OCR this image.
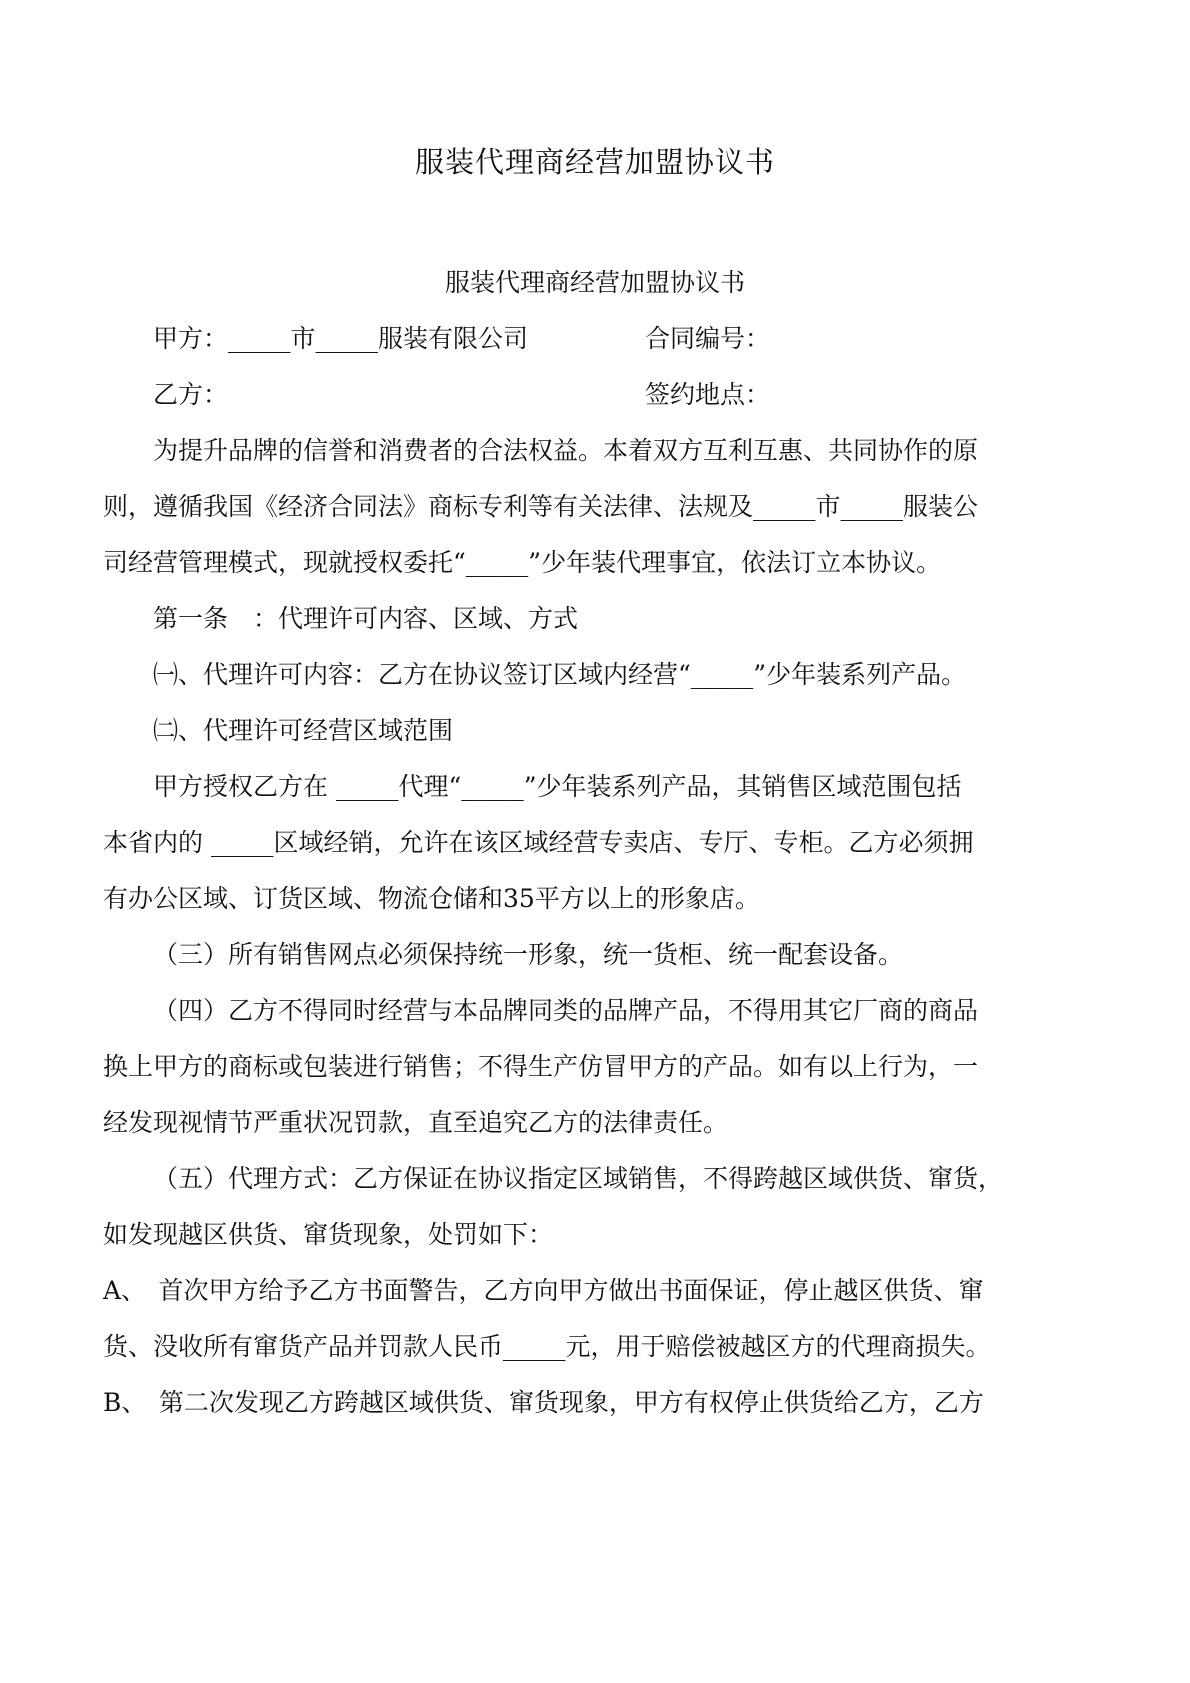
服装代理商经营加盟协议书
服装代理商经营加盟协议书
甲方：_____市_____服装有限公司	合同编号：
乙方：	签约地点：
为提升品牌的信誉和消费者的合法权益。本着双方互利互惠、共同协作的原
则，遵循我国《经济合同法》商标专利等有关法律、法规及_____市_____服装公
司经营管理模式，现就授权委托“_____”少年装代理事宜，依法订立本协议。
第一条　：代理许可内容、区域、方式
㈠、代理许可内容：乙方在协议签订区域内经营“_____”少年装系列产品。
㈡、代理许可经营区域范围
甲方授权乙方在 _____代理“_____”少年装系列产品，其销售区域范围包括
本省内的 _____区域经销，允许在该区域经营专卖店、专厅、专柜。乙方必须拥
有办公区域、订货区域、物流仓储和35平方以上的形象店。
（三）所有销售网点必须保持统一形象，统一货柜、统一配套设备。
（四）乙方不得同时经营与本品牌同类的品牌产品，不得用其它厂商的商品
换上甲方的商标或包装进行销售；不得生产仿冒甲方的产品。如有以上行为，一
经发现视情节严重状况罚款，直至追究乙方的法律责任。
（五）代理方式：乙方保证在协议指定区域销售，不得跨越区域供货、窜货，
如发现越区供货、窜货现象，处罚如下：
A、　首次甲方给予乙方书面警告，乙方向甲方做出书面保证，停止越区供货、窜
货、没收所有窜货产品并罚款人民币_____元，用于赔偿被越区方的代理商损失。
B、　第二次发现乙方跨越区域供货、窜货现象，甲方有权停止供货给乙方，乙方
